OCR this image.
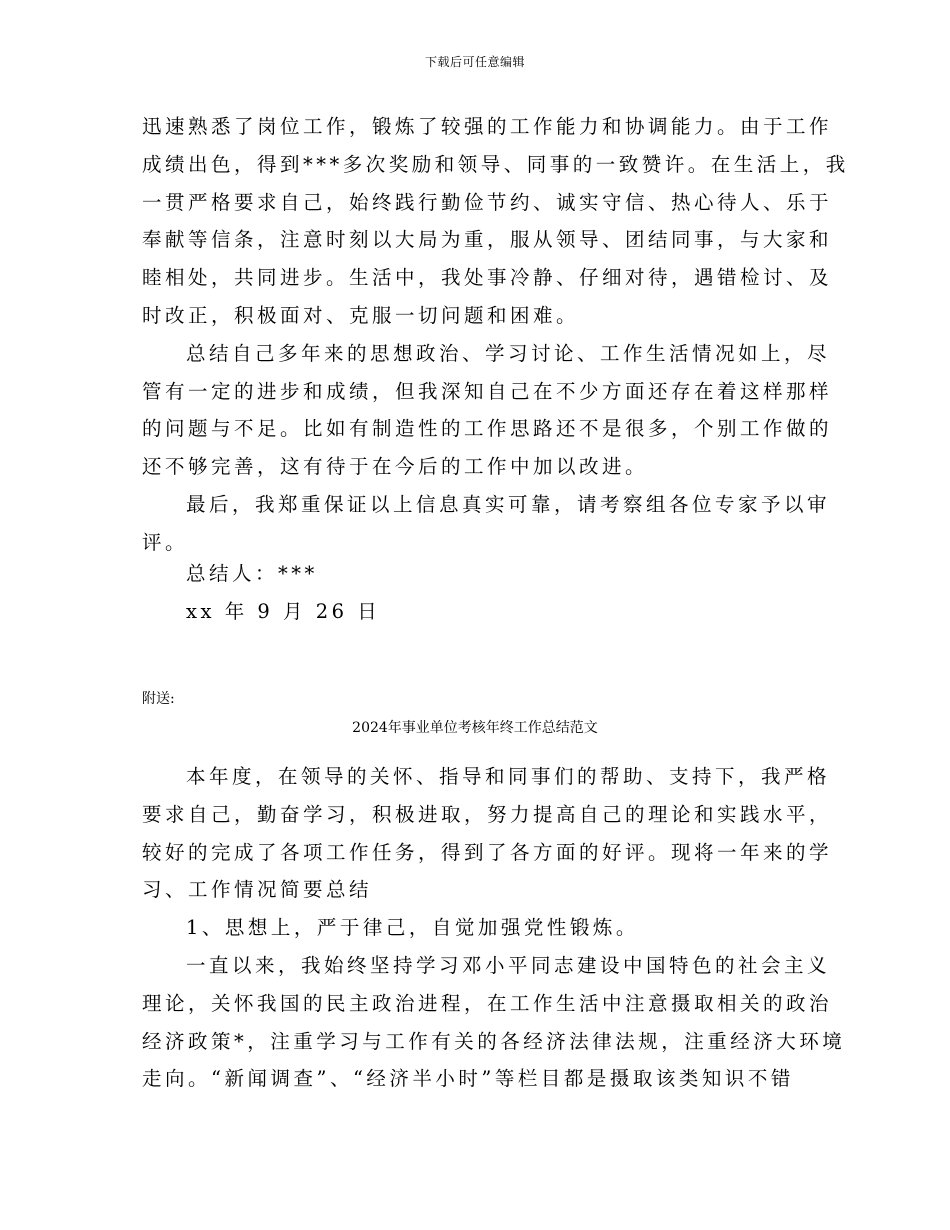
下载后可任意编辑
迅速熟悉了岗位工作，锻炼了较强的工作能力和协调能力。由于工作
成绩出色，得到***多次奖励和领导、同事的一致赞许。在生活上，我
一贯严格要求自己，始终践行勤俭节约、诚实守信、热心待人、乐于
奉献等信条，注意时刻以大局为重，服从领导、团结同事，与大家和
睦相处，共同进步。生活中，我处事冷静、仔细对待，遇错检讨、及
时改正，积极面对、克服一切问题和困难。
总结自己多年来的思想政治、学习讨论、工作生活情况如上，尽
管有一定的进步和成绩，但我深知自己在不少方面还存在着这样那样
的问题与不足。比如有制造性的工作思路还不是很多，个别工作做的
还不够完善，这有待于在今后的工作中加以改进。
最后，我郑重保证以上信息真实可靠，请考察组各位专家予以审
评。
总结人：***
xx 年 9 月 26 日
附送:
2024年事业单位考核年终工作总结范文
本年度，在领导的关怀、指导和同事们的帮助、支持下，我严格
要求自己，勤奋学习，积极进取，努力提高自己的理论和实践水平，
较好的完成了各项工作任务，得到了各方面的好评。现将一年来的学
习、工作情况简要总结
1、思想上，严于律己，自觉加强党性锻炼。
一直以来，我始终坚持学习邓小平同志建设中国特色的社会主义
理论，关怀我国的民主政治进程，在工作生活中注意摄取相关的政治
经济政策*，注重学习与工作有关的各经济法律法规，注重经济大环境
走向。“新闻调查”、“经济半小时”等栏目都是摄取该类知识不错
